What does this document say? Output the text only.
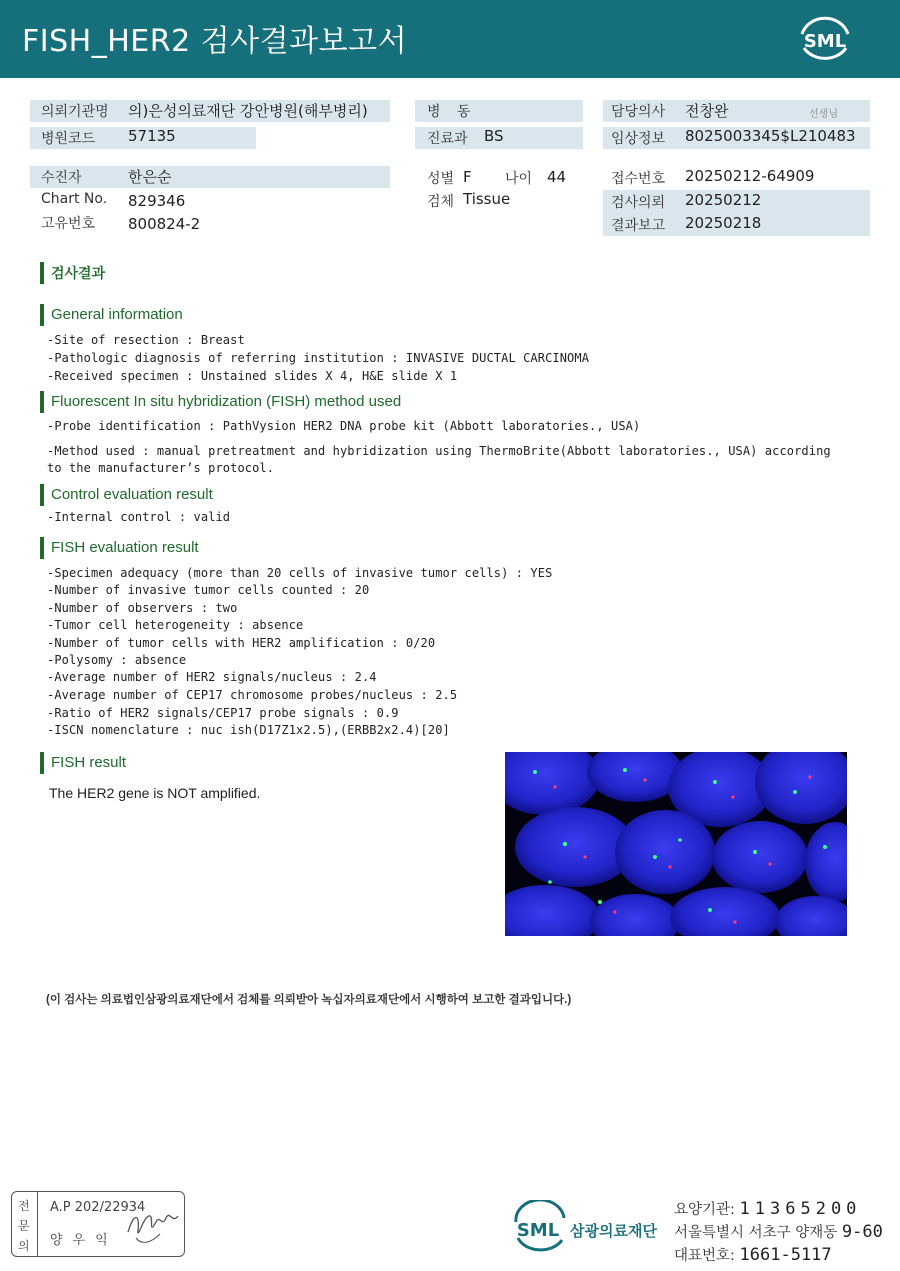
FISH_HER2 검사결과보고서	SML
의뢰기관명 의)은성의료재단 강안병원(해부병리)
병원코드 57135
병 동
진료과 BS
담당의사 전창완	선생님
임상정보 8025003345$L210483
수진자	한은순
Chart No. 829346
고유번호 800824-2
성별 F 나이 44
검체 Tissue
접수번호 20250212-64909
검사의뢰 20250212
결과보고 20250218
검사결과
General information
-Site of resection : Breast
-Pathologic diagnosis of referring institution : INVASIVE DUCTAL CARCINOMA
-Received specimen : Unstained slides X 4, H&E slide X 1
Fluorescent In situ hybridization (FISH) method used
-Probe identification : PathVysion HER2 DNA probe kit (Abbott laboratories., USA)
-Method used : manual pretreatment and hybridization using ThermoBrite(Abbott laboratories., USA) according
to the manufacturer’s protocol.
Control evaluation result
-Internal control : valid
FISH evaluation result
-Specimen adequacy (more than 20 cells of invasive tumor cells) : YES
-Number of invasive tumor cells counted : 20
-Number of observers : two
-Tumor cell heterogeneity : absence
-Number of tumor cells with HER2 amplification : 0/20
-Polysomy : absence
-Average number of HER2 signals/nucleus : 2.4
-Average number of CEP17 chromosome probes/nucleus : 2.5
-Ratio of HER2 signals/CEP17 probe signals : 0.9
-ISCN nomenclature : nuc ish(D17Z1x2.5),(ERBB2x2.4)[20]
FISH result
The HER2 gene is NOT amplified.
(이 검사는 의료법인삼광의료재단에서 검체를 의뢰받아 녹십자의료재단에서 시행하여 보고한 결과입니다.)
전
문
의
A.P 202/22934
양우익	SML 삼광의료재단
요양기관: 11365200
서울특별시 서초구 양재동 9-60
대표번호: 1661-5117
